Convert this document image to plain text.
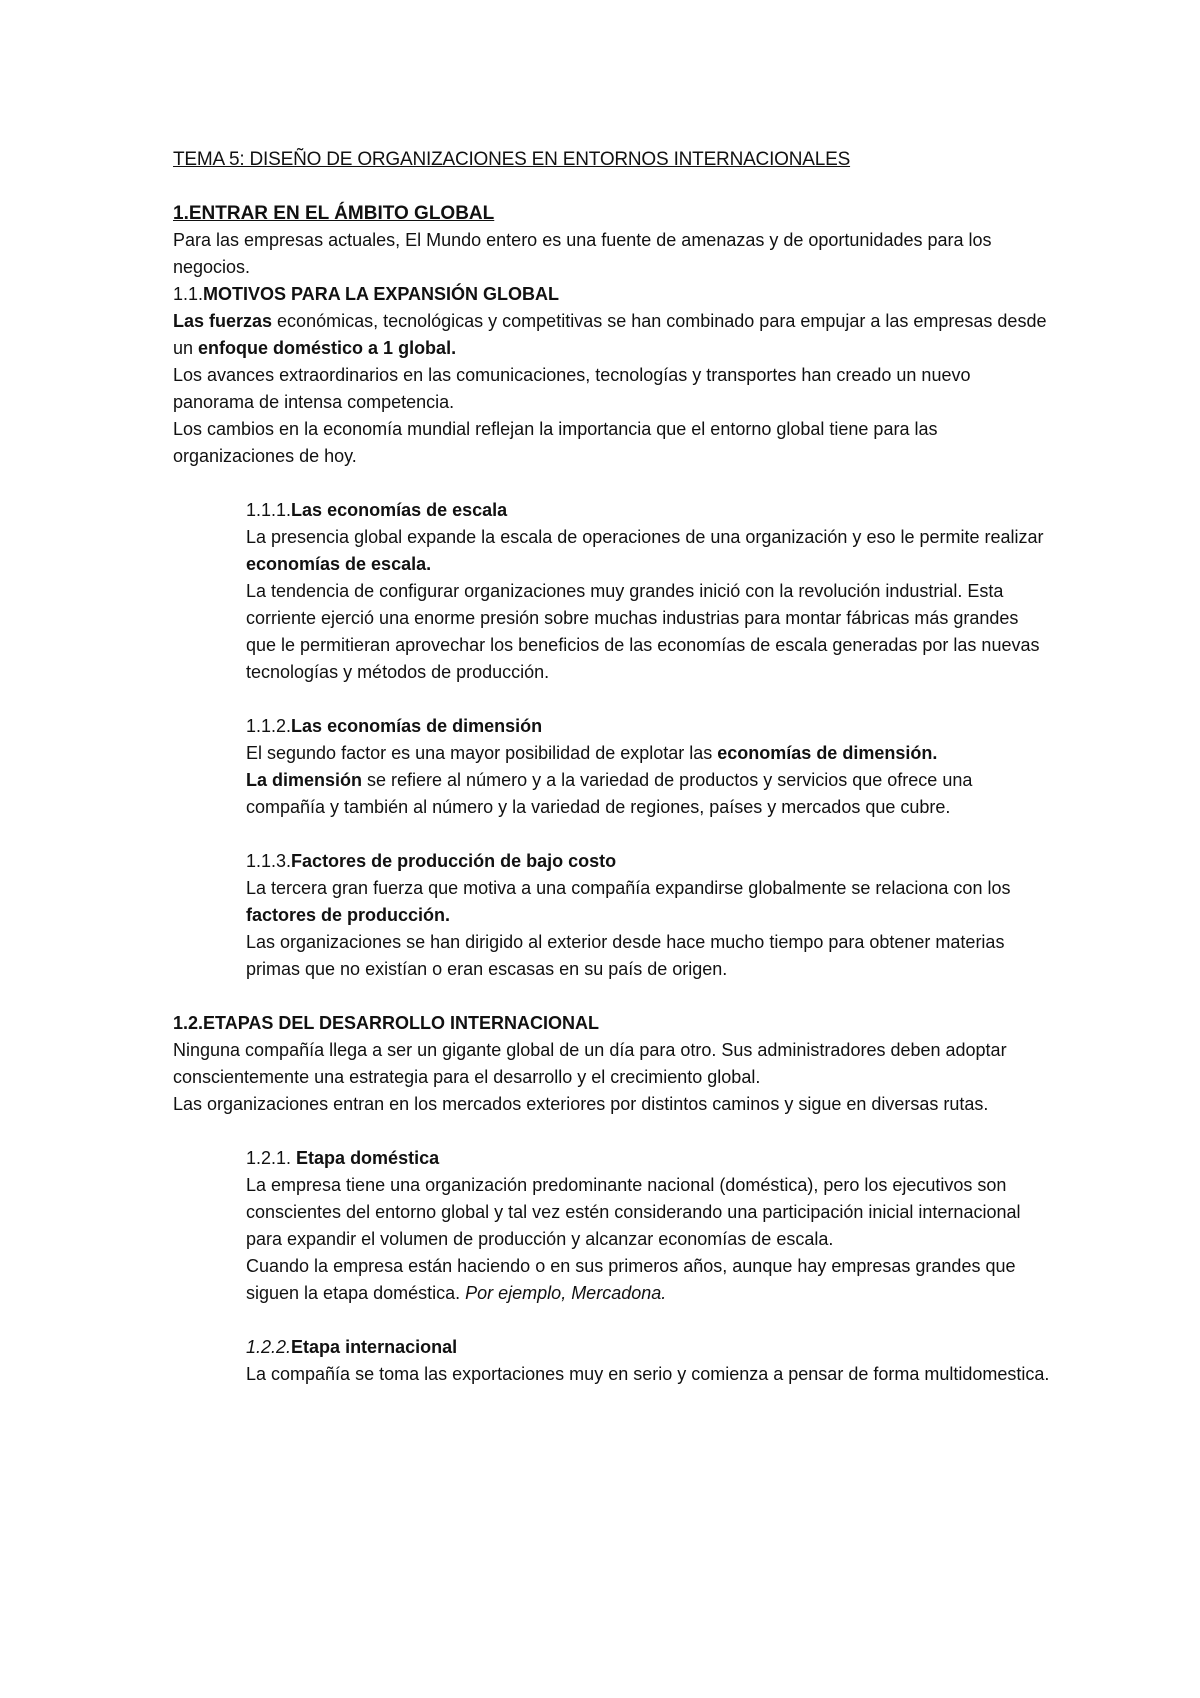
TEMA 5: DISEÑO DE ORGANIZACIONES EN ENTORNOS INTERNACIONALES
1.ENTRAR EN EL ÁMBITO GLOBAL

Para las empresas actuales, El Mundo entero es una fuente de amenazas y de oportunidades para los negocios.

1.1.MOTIVOS PARA LA EXPANSIÓN GLOBAL

Las fuerzas económicas, tecnológicas y competitivas se han combinado para empujar a las empresas desde un enfoque doméstico a 1 global.

Los avances extraordinarios en las comunicaciones, tecnologías y transportes han creado un nuevo panorama de intensa competencia.

Los cambios en la economía mundial reflejan la importancia que el entorno global tiene para las organizaciones de hoy.

1.1.1.Las economías de escala

La presencia global expande la escala de operaciones de una organización y eso le permite realizar economías de escala.

La tendencia de configurar organizaciones muy grandes inició con la revolución industrial. Esta corriente ejerció una enorme presión sobre muchas industrias para montar fábricas más grandes que le permitieran aprovechar los beneficios de las economías de escala generadas por las nuevas tecnologías y métodos de producción.

1.1.2.Las economías de dimensión

El segundo factor es una mayor posibilidad de explotar las economías de dimensión.

La dimensión se refiere al número y a la variedad de productos y servicios que ofrece una compañía y también al número y la variedad de regiones, países y mercados que cubre.

1.1.3.Factores de producción de bajo costo

La tercera gran fuerza que motiva a una compañía expandirse globalmente se relaciona con los factores de producción.

Las organizaciones se han dirigido al exterior desde hace mucho tiempo para obtener materias primas que no existían o eran escasas en su país de origen.

1.2.ETAPAS DEL DESARROLLO INTERNACIONAL

Ninguna compañía llega a ser un gigante global de un día para otro. Sus administradores deben adoptar conscientemente una estrategia para el desarrollo y el crecimiento global.

Las organizaciones entran en los mercados exteriores por distintos caminos y sigue en diversas rutas.

1.2.1. Etapa doméstica

La empresa tiene una organización predominante nacional (doméstica), pero los ejecutivos son conscientes del entorno global y tal vez estén considerando una participación inicial internacional para expandir el volumen de producción y alcanzar economías de escala.

Cuando la empresa están haciendo o en sus primeros años, aunque hay empresas grandes que siguen la etapa doméstica. Por ejemplo, Mercadona.

1.2.2.Etapa internacional

La compañía se toma las exportaciones muy en serio y comienza a pensar de forma multidomestica.
